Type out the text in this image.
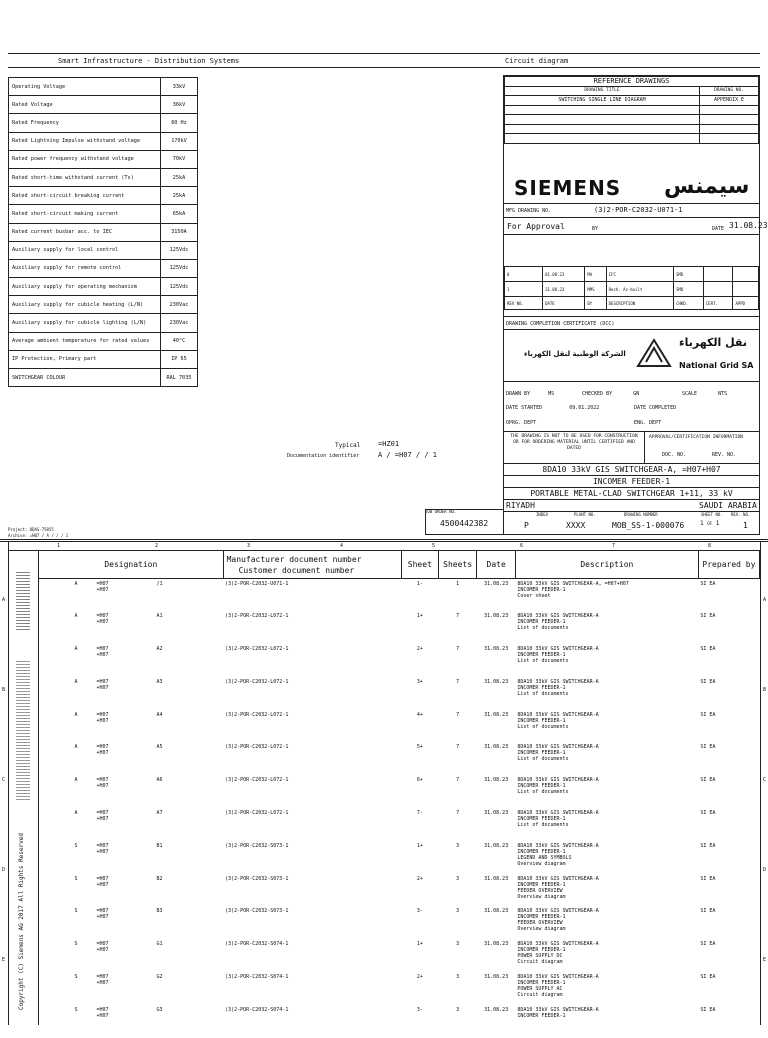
Smart Infrastructure - Distribution Systems	Circuit diagram
Operating Voltage	33kV
Rated Voltage	36kV
Rated Frequency	60 Hz
Rated Lightning Impulse withstand voltage	170kV
Rated power frequency withstand voltage	70kV
Rated short-time withstand current (Ts)	25kA
Rated short-circuit breaking current	25kA
Rated short-circuit making current	65kA
Rated current busbar acc. to IEC	3150A
Auxiliary supply for local control	125Vdc
Auxiliary supply for remote control	125Vdc
Auxiliary supply for operating mechanism	125Vdc
Auxiliary supply for cubicle heating (L/N)	230Vac
Auxiliary supply for cubicle lighting (L/N)	230Vac
Average ambient temperature for rated values	40°C
IP Protection, Primary part	IP 65
SWITCHGEAR COLOUR	RAL 7035
REFERENCE DRAWINGS	
DRAWING TITLE	DRAWING NO.
SWITCHING SINGLE LINE DIAGRAM	APPENDIX E

SIEMENS سيمنس
MFG DRAWING NO.	(3)2-POR-C2032-U071-1
For Approval	BY	DATE 31.08.23
0	01.08.23	MA	IFC	SMD		
1	31.08.23	MMS	Rech. As-built	SMD		
REV NO.	DATE	BY	DESCRIPTION	CHKD.	CERT.	APPD
DRAWING COMPLETION CERTIFICATE (DCC)
نقل الكهرباء
الشركة الوطنية لنقل الكهرباء
National Grid SA
DRAWN BY	MS	CHECKED BY	GN	SCALE	NTS
DATE STARTED	09.01.2022	DATE COMPLETED
OPRG. DEPT	ENG. DEPT
THE DRAWING IS NOT TO BE USED FOR CONSTRUCTION OR FOR ORDERING MATERIAL UNTIL CERTIFIED AND DATED
APPROVAL/CERTIFICATION INFORMATION
DOC. NO.	REV. NO.
8DA10 33kV GIS SWITCHGEAR-A, =H07+H07
INCOMER FEEDER-1
PORTABLE METAL-CLAD SWITCHGEAR 1+11, 33 kV
RIYADH	SAUDI ARABIA
INDEX	PLANT NO.	DRAWING NUMBER	SHEET NO. REV. NO.
P	XXXX	MOB_SS-1-000076	1 OF 1	1
JOB ORDER NO.
4500442382
Typical	=HZ01
Documentation identifier	A / =H07 / / 1
Project: 8DAS-75055
Archive: =H07 / A / / / 1
1	2	3	4	5	6	7	8
A
B
C
D
E
A
B
C
D
E
Copyright (C) Siemens AG 2017 All Rights Reserved
Designation	Manufacturer document number
Customer document number	Sheet	Sheets	Date	Description	Prepared by

A =H07
+H07
/1	(3)2-POR-C2032-U071-1	1-	1	31.08.23	8DA10 33kV GIS SWITCHGEAR-A, =H07+H07
INCOMER FEEDER-1
Cover sheet	SI EA

A =H07
+H07
A1	(3)2-POR-C2032-L072-1	1+	7	31.08.23	8DA10 33kV GIS SWITCHGEAR-A
INCOMER FEEDER-1
List of documents	SI EA

A =H07
+H07
A2	(3)2-POR-C2032-L072-1	2+	7	31.08.23	8DA10 33kV GIS SWITCHGEAR-A
INCOMER FEEDER-1
List of documents	SI EA

A =H07
+H07
A3	(3)2-POR-C2032-L072-1	3+	7	31.08.23	8DA10 33kV GIS SWITCHGEAR-A
INCOMER FEEDER-1
List of documents	SI EA

A =H07
+H07
A4	(3)2-POR-C2032-L072-1	4+	7	31.08.23	8DA10 33kV GIS SWITCHGEAR-A
INCOMER FEEDER-1
List of documents	SI EA

A =H07
+H07
A5	(3)2-POR-C2032-L072-1	5+	7	31.08.23	8DA10 33kV GIS SWITCHGEAR-A
INCOMER FEEDER-1
List of documents	SI EA

A =H07
+H07
A6	(3)2-POR-C2032-L072-1	6+	7	31.08.23	8DA10 33kV GIS SWITCHGEAR-A
INCOMER FEEDER-1
List of documents	SI EA

A =H07
+H07
A7	(3)2-POR-C2032-L072-1	7-	7	31.08.23	8DA10 33kV GIS SWITCHGEAR-A
INCOMER FEEDER-1
List of documents	SI EA

S =H07
+H07
B1	(3)2-POR-C2032-S073-1	1+	3	31.08.23	8DA10 33kV GIS SWITCHGEAR-A
INCOMER FEEDER-1
LEGEND AND SYMBOLS
Overview diagram	SI EA

S =H07
+H07
B2	(3)2-POR-C2032-S073-1	2+	3	31.08.23	8DA10 33kV GIS SWITCHGEAR-A
INCOMER FEEDER-1
FEEDER OVERVIEW
Overview diagram	SI EA

S =H07
+H07
B3	(3)2-POR-C2032-S073-1	3-	3	31.08.23	8DA10 33kV GIS SWITCHGEAR-A
INCOMER FEEDER-1
FEEDER OVERVIEW
Overview diagram	SI EA

S =H07
+H07
G1	(3)2-POR-C2032-S074-1	1+	3	31.08.23	8DA10 33kV GIS SWITCHGEAR-A
INCOMER FEEDER-1
POWER SUPPLY DC
Circuit diagram	SI EA

S =H07
+H07
G2	(3)2-POR-C2032-S074-1	2+	3	31.08.23	8DA10 33kV GIS SWITCHGEAR-A
INCOMER FEEDER-1
POWER SUPPLY AC
Circuit diagram	SI EA

S =H07
+H07
G3	(3)2-POR-C2032-S074-1	3-	3	31.08.23	8DA10 33kV GIS SWITCHGEAR-A
INCOMER FEEDER-1	SI EA
